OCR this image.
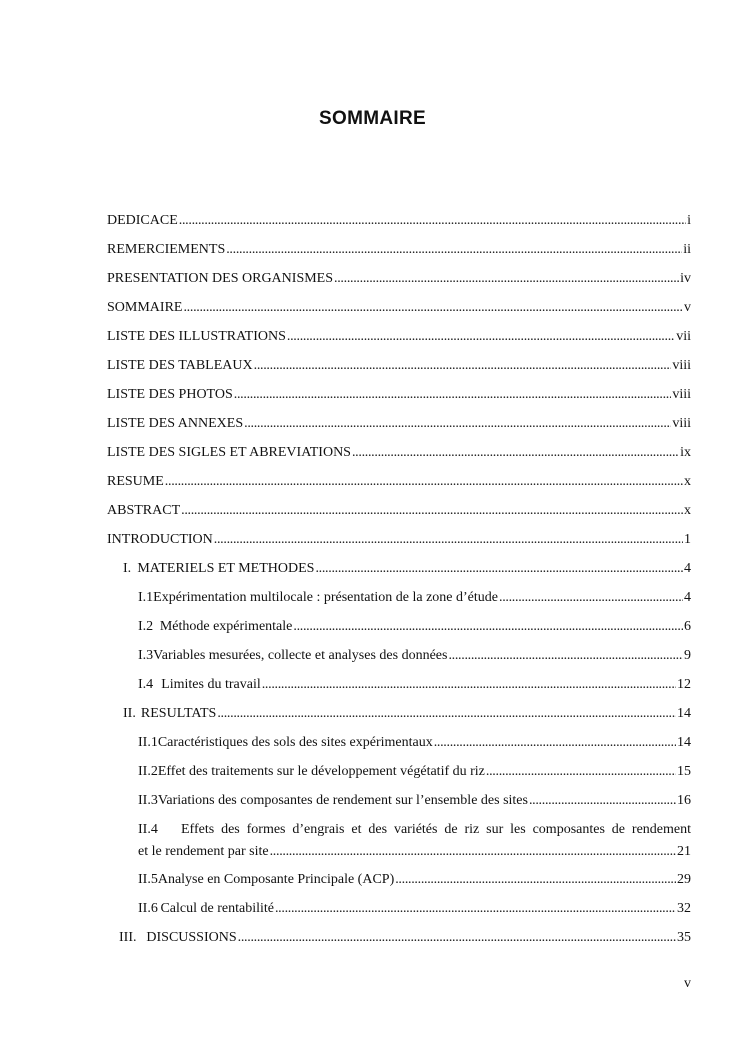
SOMMAIRE
DEDICACE .....	i
REMERCIEMENTS .....	ii
PRESENTATION DES ORGANISMES .....	iv
SOMMAIRE .....	v
LISTE DES ILLUSTRATIONS .....	vii
LISTE DES TABLEAUX .....	viii
LISTE DES PHOTOS .....	viii
LISTE DES ANNEXES .....	viii
LISTE DES SIGLES ET ABREVIATIONS .....	ix
RESUME .....	x
ABSTRACT .....	x
INTRODUCTION .....	1
I. MATERIELS ET METHODES .....	4
I.1 Expérimentation multilocale : présentation de la zone d’étude .....	4
I.2 Méthode expérimentale .....	6
I.3 Variables mesurées, collecte et analyses des données .....	9
I.4 Limites du travail .....	12
II. RESULTATS .....	14
II.1 Caractéristiques des sols des sites expérimentaux .....	14
II.2 Effet des traitements sur le développement végétatif du riz .....	15
II.3 Variations des composantes de rendement sur l’ensemble des sites .....	16
II.4 Effets des formes d’engrais et des variétés de riz sur les composantes de rendement
et le rendement par site .....	21
II.5 Analyse en Composante Principale (ACP) .....	29
II.6 Calcul de rentabilité .....	32
III. DISCUSSIONS .....	35
v
